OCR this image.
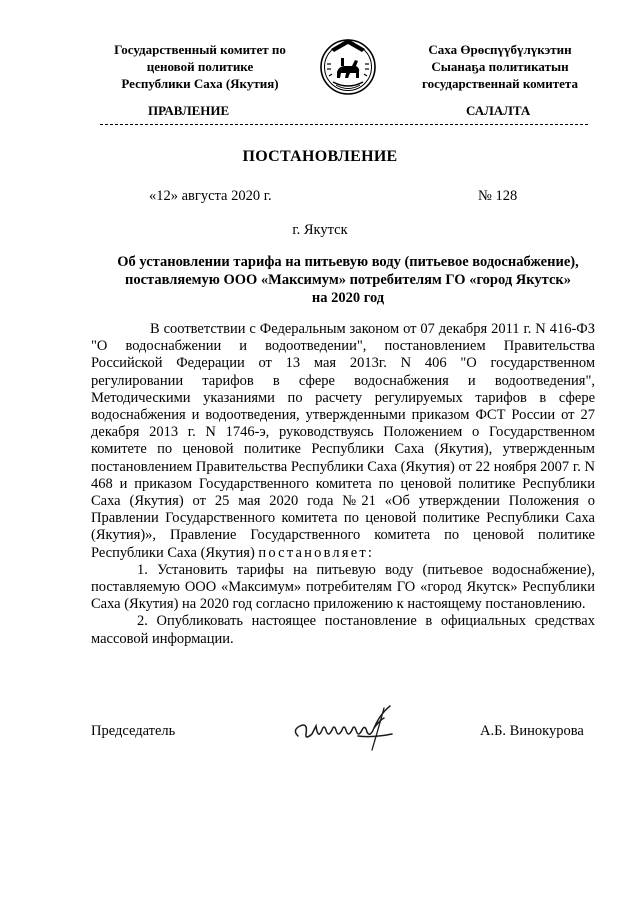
Государственный комитет по
ценовой политике
Республики Саха (Якутия)
Саха Өрөспүүбүлүкэтин
Сыанаҕа политикатын
государственнай комитета
ПРАВЛЕНИЕ	САЛАЛТА
ПОСТАНОВЛЕНИЕ
«12» августа 2020 г.	№ 128
г. Якутск
Об установлении тарифа на питьевую воду (питьевое водоснабжение),
поставляемую ООО «Максимум» потребителям ГО «город Якутск»
на 2020 год

В соответствии с Федеральным законом от 07 декабря 2011 г. N 416-ФЗ "О водоснабжении и водоотведении", постановлением Правительства Российской Федерации от 13 мая 2013г. N 406 "О государственном регулировании тарифов в сфере водоснабжения и водоотведения", Методическими указаниями по расчету регулируемых тарифов в сфере водоснабжения и водоотведения, утвержденными приказом ФСТ России от 27 декабря 2013 г. N 1746-э, руководствуясь Положением о Государственном комитете по ценовой политике Республики Саха (Якутия), утвержденным постановлением Правительства Республики Саха (Якутия) от 22 ноября 2007 г. N 468 и приказом Государственного комитета по ценовой политике Республики Саха (Якутия) от 25 мая 2020 года №21 «Об утверждении Положения о Правлении Государственного комитета по ценовой политике Республики Саха (Якутия)», Правление Государственного комитета по ценовой политике Республики Саха (Якутия) постановляет:

1. Установить тарифы на питьевую воду (питьевое водоснабжение), поставляемую ООО «Максимум» потребителям ГО «город Якутск» Республики Саха (Якутия) на 2020 год согласно приложению к настоящему постановлению.

2. Опубликовать настоящее постановление в официальных средствах массовой информации.

Председатель	А.Б. Винокурова
